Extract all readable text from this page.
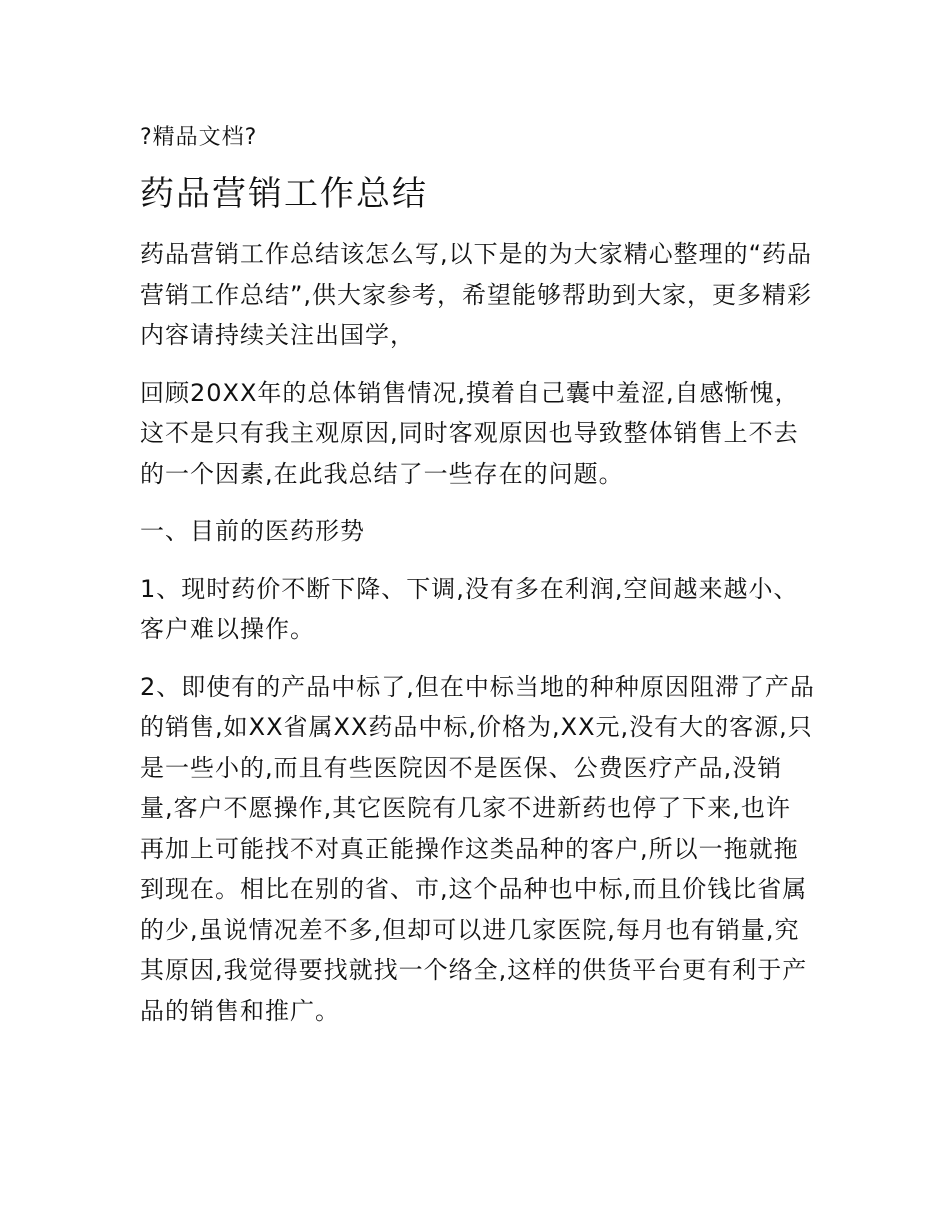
?精品文档?
药品营销工作总结

药品营销工作总结该怎么写,以下是的为大家精心整理的“药品营销工作总结”,供大家参考，希望能够帮助到大家，更多精彩内容请持续关注出国学，

回顾20XX年的总体销售情况,摸着自己囊中羞涩,自感惭愧，这不是只有我主观原因,同时客观原因也导致整体销售上不去的一个因素,在此我总结了一些存在的问题。

一、目前的医药形势

1、现时药价不断下降、下调,没有多在利润,空间越来越小、客户难以操作。

2、即使有的产品中标了,但在中标当地的种种原因阻滞了产品的销售,如XX省属XX药品中标,价格为,XX元,没有大的客源,只是一些小的,而且有些医院因不是医保、公费医疗产品,没销量,客户不愿操作,其它医院有几家不进新药也停了下来,也许再加上可能找不对真正能操作这类品种的客户,所以一拖就拖到现在。相比在别的省、市,这个品种也中标,而且价钱比省属的少,虽说情况差不多,但却可以进几家医院,每月也有销量,究其原因,我觉得要找就找一个络全,这样的供货平台更有利于产品的销售和推广。
